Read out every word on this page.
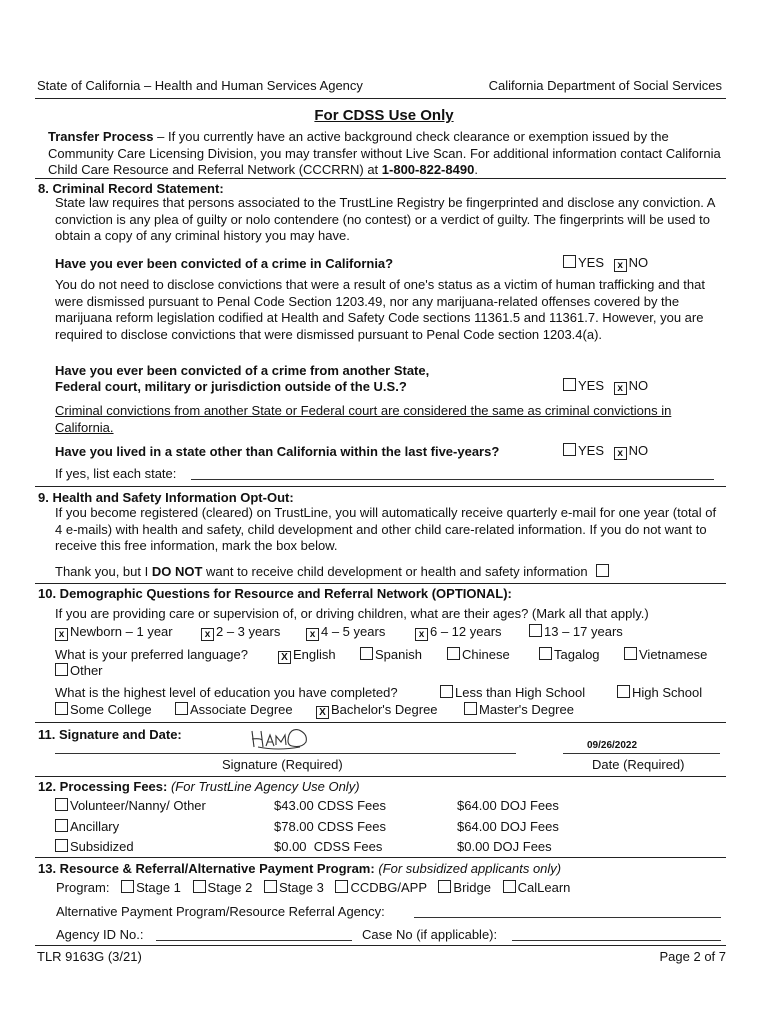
State of California – Health and Human Services Agency	California Department of Social Services
For CDSS Use Only
Transfer Process – If you currently have an active background check clearance or exemption issued by the Community Care Licensing Division, you may transfer without Live Scan. For additional information contact California Child Care Resource and Referral Network (CCCRRN) at 1-800-822-8490.
8. Criminal Record Statement:
State law requires that persons associated to the TrustLine Registry be fingerprinted and disclose any conviction. A conviction is any plea of guilty or nolo contendere (no contest) or a verdict of guilty. The fingerprints will be used to obtain a copy of any criminal history you may have.
Have you ever been convicted of a crime in California?	YES x NO
You do not need to disclose convictions that were a result of one's status as a victim of human trafficking and that were dismissed pursuant to Penal Code Section 1203.49, nor any marijuana-related offenses covered by the marijuana reform legislation codified at Health and Safety Code sections 11361.5 and 11361.7. However, you are required to disclose convictions that were dismissed pursuant to Penal Code section 1203.4(a).
Have you ever been convicted of a crime from another State,
Federal court, military or jurisdiction outside of the U.S.?	YES x NO
Criminal convictions from another State or Federal court are considered the same as criminal convictions in California.
Have you lived in a state other than California within the last five-years?	YES x NO
If yes, list each state:
9. Health and Safety Information Opt-Out:
If you become registered (cleared) on TrustLine, you will automatically receive quarterly e-mail for one year (total of 4 e-mails) with health and safety, child development and other child care-related information. If you do not want to receive this free information, mark the box below.
Thank you, but I DO NOT want to receive child development or health and safety information
10. Demographic Questions for Resource and Referral Network (OPTIONAL):
If you are providing care or supervision of, or driving children, what are their ages? (Mark all that apply.)
x Newborn – 1 year	x 2 – 3 years	x 4 – 5 years	x 6 – 12 years	13 – 17 years
What is your preferred language?	X English	Spanish	Chinese	Tagalog	Vietnamese
Other
What is the highest level of education you have completed?	Less than High School	High School
Some College	Associate Degree	X Bachelor's Degree	Master's Degree
11. Signature and Date:
09/26/2022
Signature (Required)	Date (Required)
12. Processing Fees: (For TrustLine Agency Use Only)
Volunteer/Nanny/ Other	$43.00 CDSS Fees	$64.00 DOJ Fees
Ancillary	$78.00 CDSS Fees	$64.00 DOJ Fees
Subsidized	$0.00  CDSS Fees	$0.00 DOJ Fees
13. Resource & Referral/Alternative Payment Program: (For subsidized applicants only)
Program: Stage 1 Stage 2 Stage 3 CCDBG/APP Bridge CalLearn
Alternative Payment Program/Resource Referral Agency:
Agency ID No.:	Case No (if applicable):
TLR 9163G (3/21)	Page 2 of 7
